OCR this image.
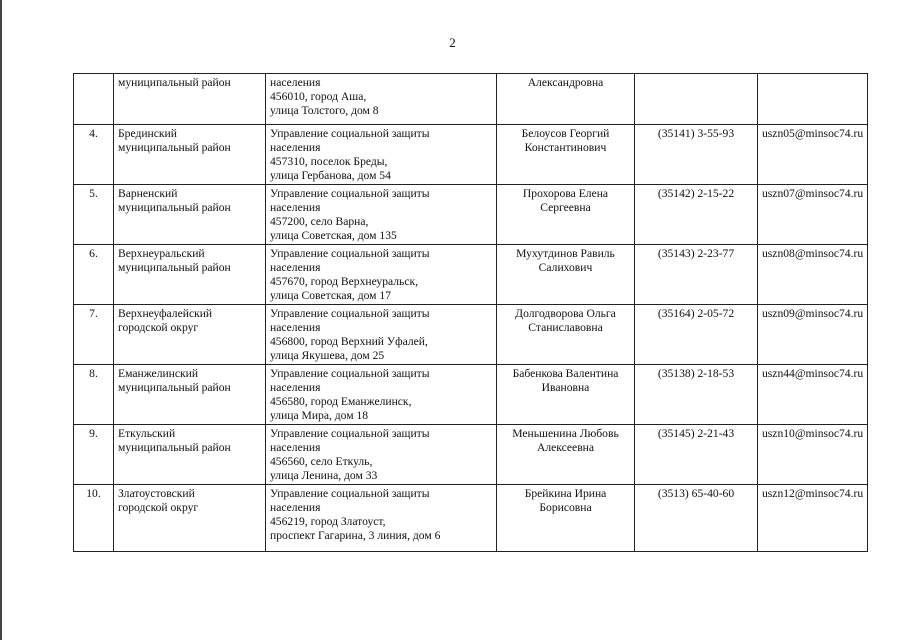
2

	муниципальный район	населения
456010, город Аша,
улица Толстого, дом 8	Александровна		

4.	Брединский
муниципальный район	Управление социальной защиты
населения
457310, поселок Бреды,
улица Гербанова, дом 54	Белоусов Георгий
Константинович	(35141) 3-55-93	uszn05@minsoc74.ru

5.	Варненский
муниципальный район	Управление социальной защиты
населения
457200, село Варна,
улица Советская, дом 135	Прохорова Елена
Сергеевна	(35142) 2-15-22	uszn07@minsoc74.ru

6.	Верхнеуральский
муниципальный район	Управление социальной защиты
населения
457670, город Верхнеуральск,
улица Советская, дом 17	Мухутдинов Равиль
Салихович	(35143) 2-23-77	uszn08@minsoc74.ru

7.	Верхнеуфалейский
городской округ	Управление социальной защиты
населения
456800, город Верхний Уфалей,
улица Якушева, дом 25	Долгодворова Ольга
Станиславовна	(35164) 2-05-72	uszn09@minsoc74.ru

8.	Еманжелинский
муниципальный район	Управление социальной защиты
населения
456580, город Еманжелинск,
улица Мира, дом 18	Бабенкова Валентина
Ивановна	(35138) 2-18-53	uszn44@minsoc74.ru

9.	Еткульский
муниципальный район	Управление социальной защиты
населения
456560, село Еткуль,
улица Ленина, дом 33	Меньшенина Любовь
Алексеевна	(35145) 2-21-43	uszn10@minsoc74.ru

10.	Златоустовский
городской округ	Управление социальной защиты
населения
456219, город Златоуст,
проспект Гагарина, 3 линия, дом 6	Брейкина Ирина
Борисовна	(3513) 65-40-60	uszn12@minsoc74.ru
